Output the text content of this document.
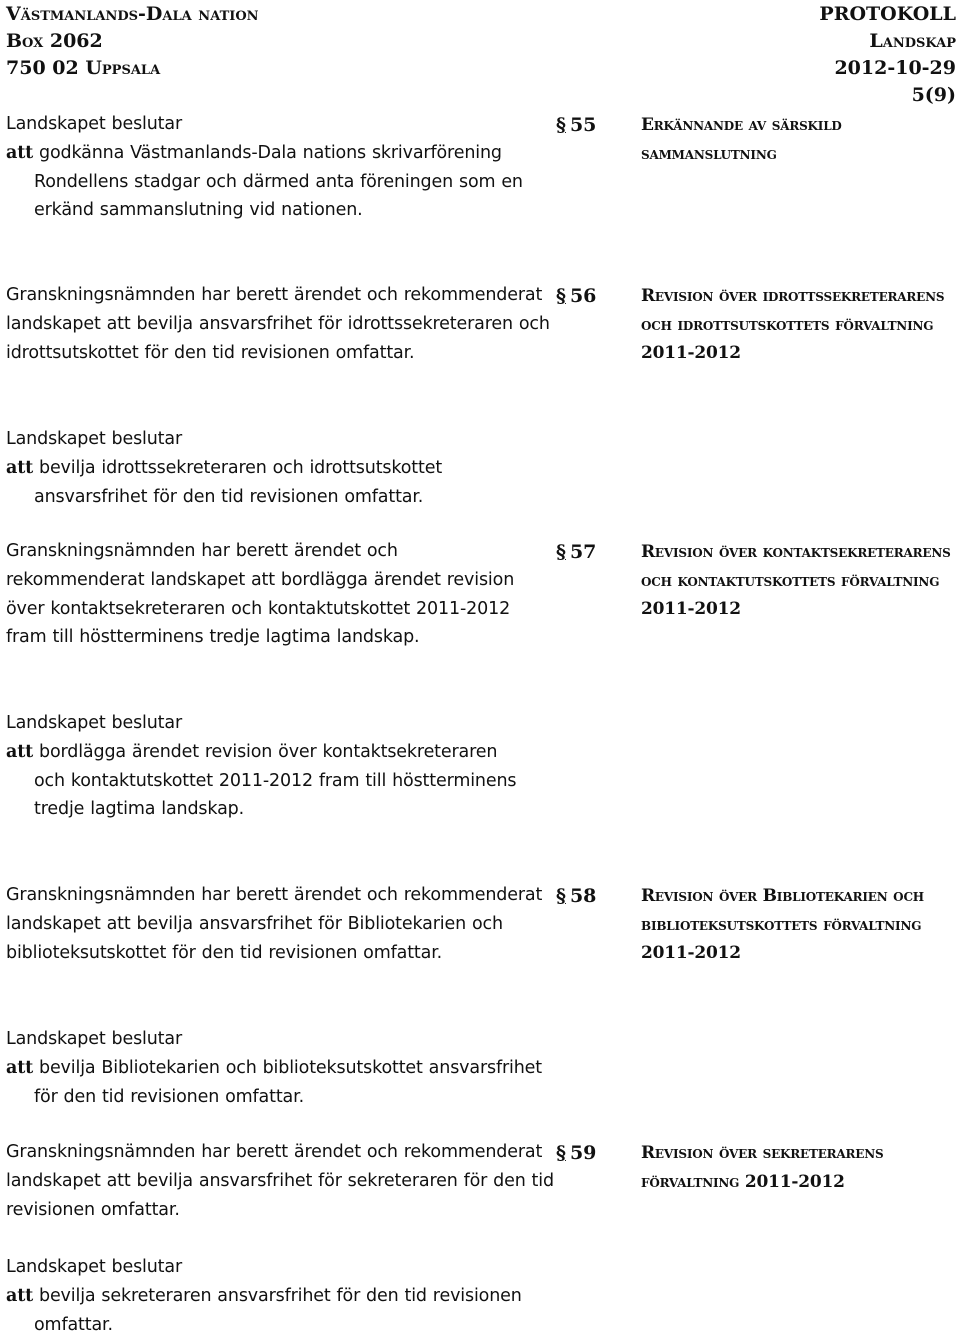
Västmanlands-Dala nation
Box 2062
750 02 Uppsala
PROTOKOLL
Landskap
2012-10-29
5(9)
§ 55	Erkännande av särskild sammanslutning

Landskapet beslutar

att godkänna Västmanlands-Dala nations skrivarförening Rondellens stadgar och därmed anta föreningen som en erkänd sammanslutning vid nationen.

§ 56	Revision över idrottssekreterarens och idrottsutskottets förvaltning 2011-2012

Granskningsnämnden har berett ärendet och rekommenderat landskapet att bevilja ansvarsfrihet för idrottssekreteraren och idrottsutskottet för den tid revisionen omfattar.

Landskapet beslutar

att bevilja idrottssekreteraren och idrottsutskottet ansvarsfrihet för den tid revisionen omfattar.

§ 57	Revision över kontaktsekreterarens och kontaktutskottets förvaltning 2011-2012

Granskningsnämnden har berett ärendet och rekommenderat landskapet att bordlägga ärendet revision över kontaktsekreteraren och kontaktutskottet 2011-2012 fram till höstterminens tredje lagtima landskap.

Landskapet beslutar

att bordlägga ärendet revision över kontaktsekreteraren och kontaktutskottet 2011-2012 fram till höstterminens tredje lagtima landskap.

§ 58	Revision över Bibliotekarien och biblioteksutskottets förvaltning 2011-2012

Granskningsnämnden har berett ärendet och rekommenderat landskapet att bevilja ansvarsfrihet för Bibliotekarien och biblioteksutskottet för den tid revisionen omfattar.

Landskapet beslutar

att bevilja Bibliotekarien och biblioteksutskottet ansvarsfrihet för den tid revisionen omfattar.

§ 59	Revision över sekreterarens förvaltning 2011-2012

Granskningsnämnden har berett ärendet och rekommenderat landskapet att bevilja ansvarsfrihet för sekreteraren för den tid revisionen omfattar.

Landskapet beslutar

att bevilja sekreteraren ansvarsfrihet för den tid revisionen omfattar.
